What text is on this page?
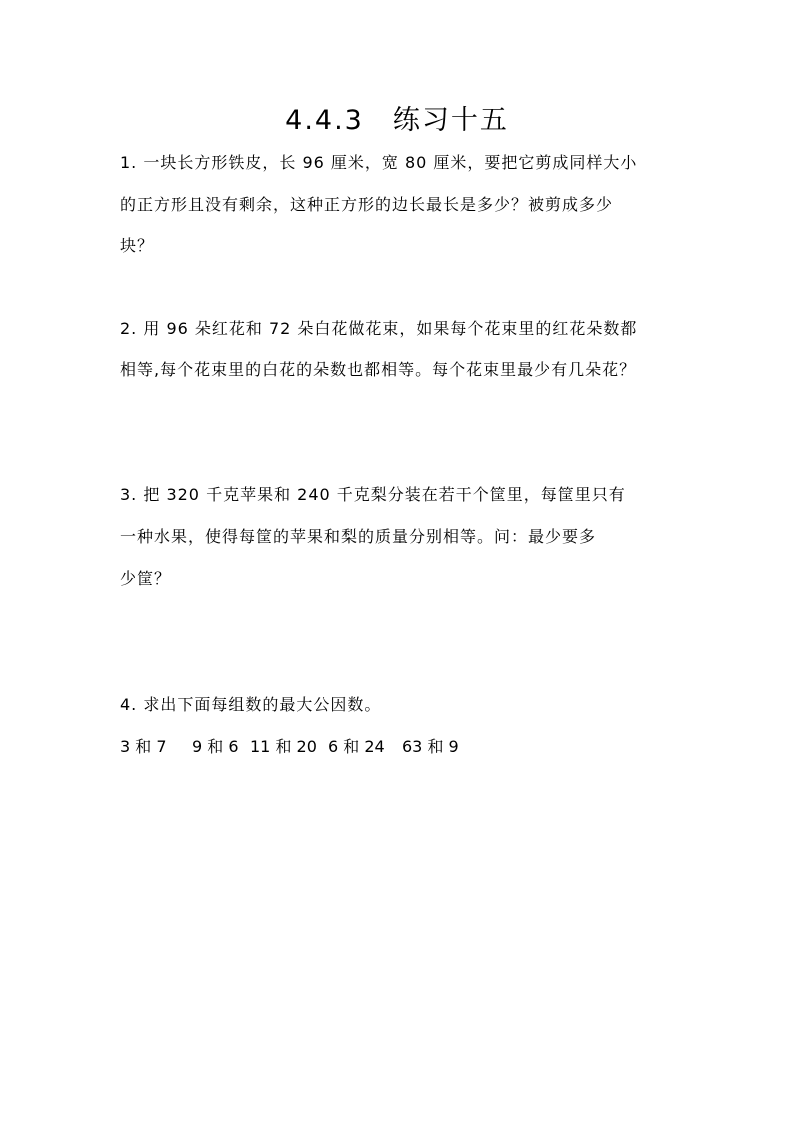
4.4.3　练习十五
1. 一块长方形铁皮，长 96 厘米，宽 80 厘米，要把它剪成同样大小
的正方形且没有剩余，这种正方形的边长最长是多少？被剪成多少
块？
2. 用 96 朵红花和 72 朵白花做花束，如果每个花束里的红花朵数都
相等,每个花束里的白花的朵数也都相等。每个花束里最少有几朵花？
3. 把 320 千克苹果和 240 千克梨分装在若干个筐里，每筐里只有
一种水果，使得每筐的苹果和梨的质量分别相等。问：最少要多
少筐？
4. 求出下面每组数的最大公因数。
3 和 7 9 和 6 11 和 20 6 和 24 63 和 9
